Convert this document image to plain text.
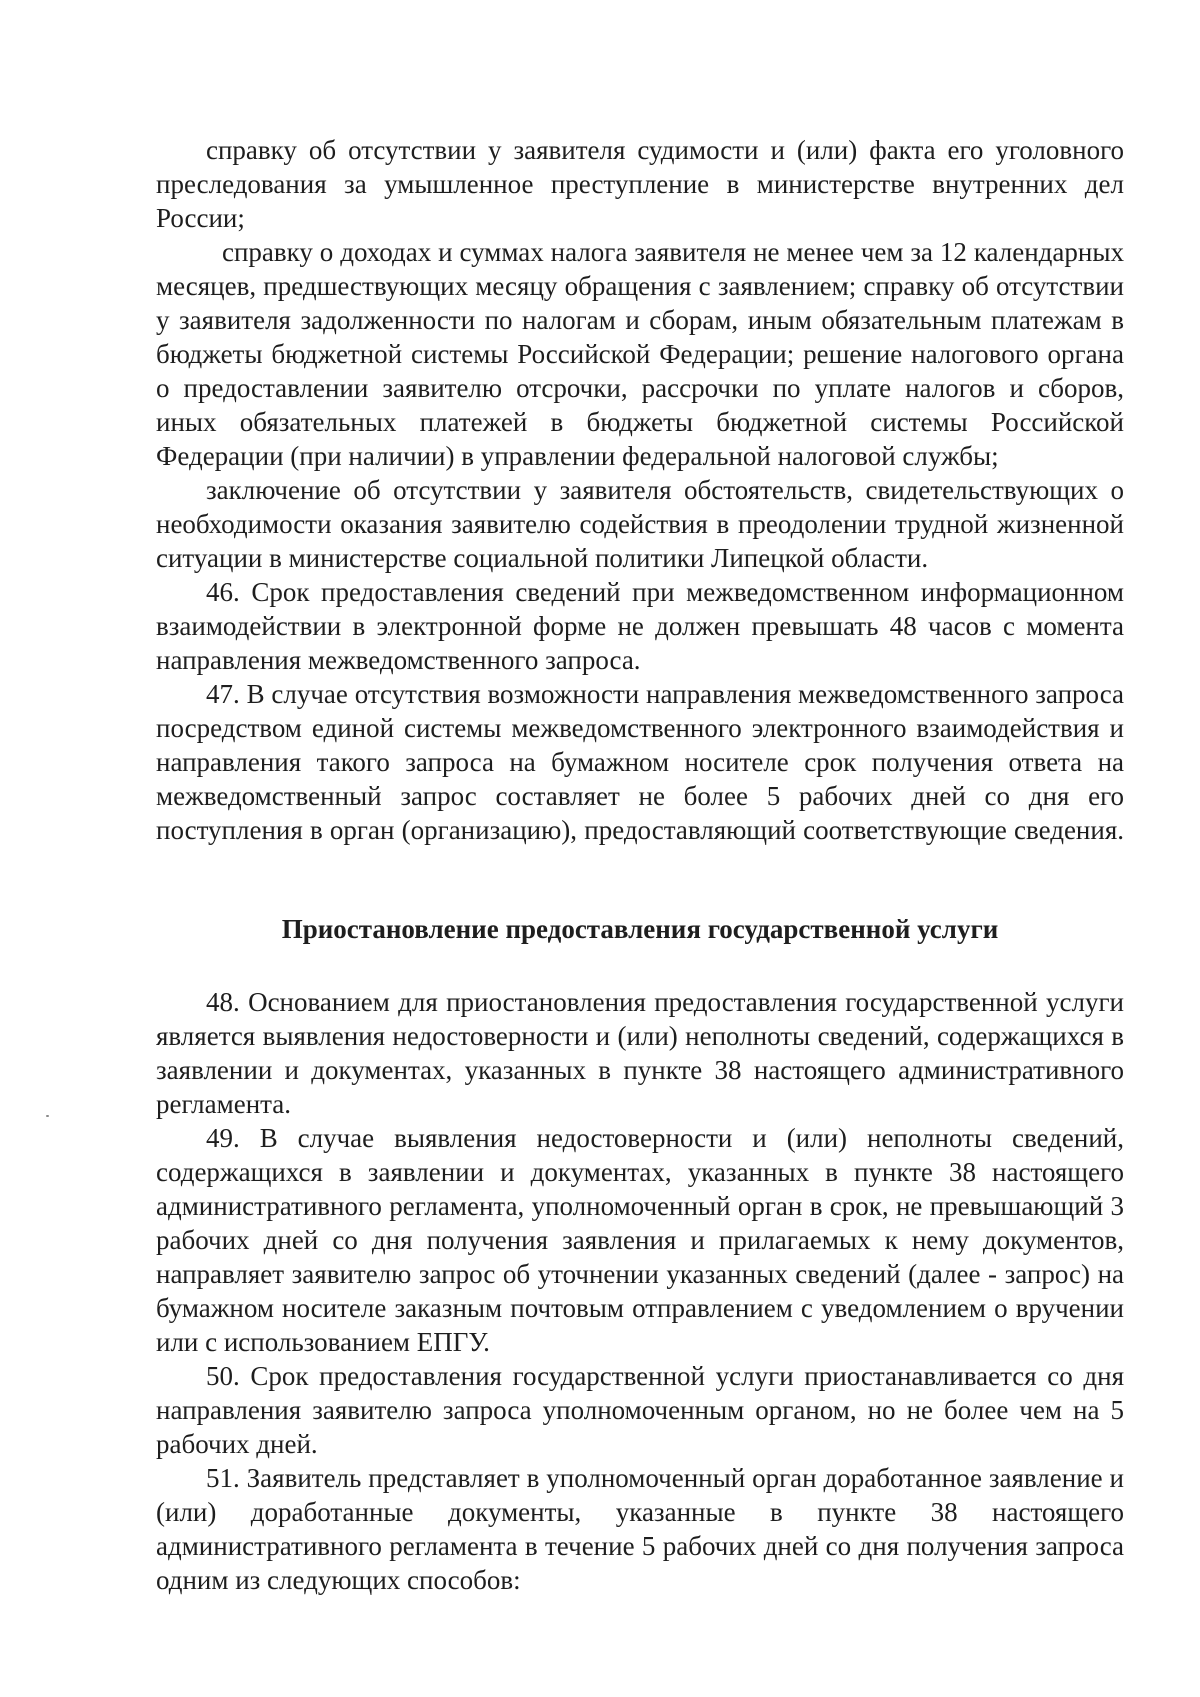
справку об отсутствии у заявителя судимости и (или) факта его уголовного преследования за умышленное преступление в министерстве внутренних дел России;

справку о доходах и суммах налога заявителя не менее чем за 12 календарных месяцев, предшествующих месяцу обращения с заявлением; справку об отсутствии у заявителя задолженности по налогам и сборам, иным обязательным платежам в бюджеты бюджетной системы Российской Федерации; решение налогового органа о предоставлении заявителю отсрочки, рассрочки по уплате налогов и сборов, иных обязательных платежей в бюджеты бюджетной системы Российской Федерации (при наличии) в управлении федеральной налоговой службы;

заключение об отсутствии у заявителя обстоятельств, свидетельствующих о необходимости оказания заявителю содействия в преодолении трудной жизненной ситуации в министерстве социальной политики Липецкой области.

46. Срок предоставления сведений при межведомственном информационном взаимодействии в электронной форме не должен превышать 48 часов с момента направления межведомственного запроса.

47. В случае отсутствия возможности направления межведомственного запроса посредством единой системы межведомственного электронного взаимодействия и направления такого запроса на бумажном носителе срок получения ответа на межведомственный запрос составляет не более 5 рабочих дней со дня его поступления в орган (организацию), предоставляющий соответствующие сведения.

Приостановление предоставления государственной услуги

48. Основанием для приостановления предоставления государственной услуги является выявления недостоверности и (или) неполноты сведений, содержащихся в заявлении и документах, указанных в пункте 38 настоящего административного регламента.

49. В случае выявления недостоверности и (или) неполноты сведений, содержащихся в заявлении и документах, указанных в пункте 38 настоящего административного регламента, уполномоченный орган в срок, не превышающий 3 рабочих дней со дня получения заявления и прилагаемых к нему документов, направляет заявителю запрос об уточнении указанных сведений (далее - запрос) на бумажном носителе заказным почтовым отправлением с уведомлением о вручении или с использованием ЕПГУ.

50. Срок предоставления государственной услуги приостанавливается со дня направления заявителю запроса уполномоченным органом, но не более чем на 5 рабочих дней.

51. Заявитель представляет в уполномоченный орган доработанное заявление и (или) доработанные документы, указанные в пункте 38 настоящего административного регламента в течение 5 рабочих дней со дня получения запроса одним из следующих способов:
